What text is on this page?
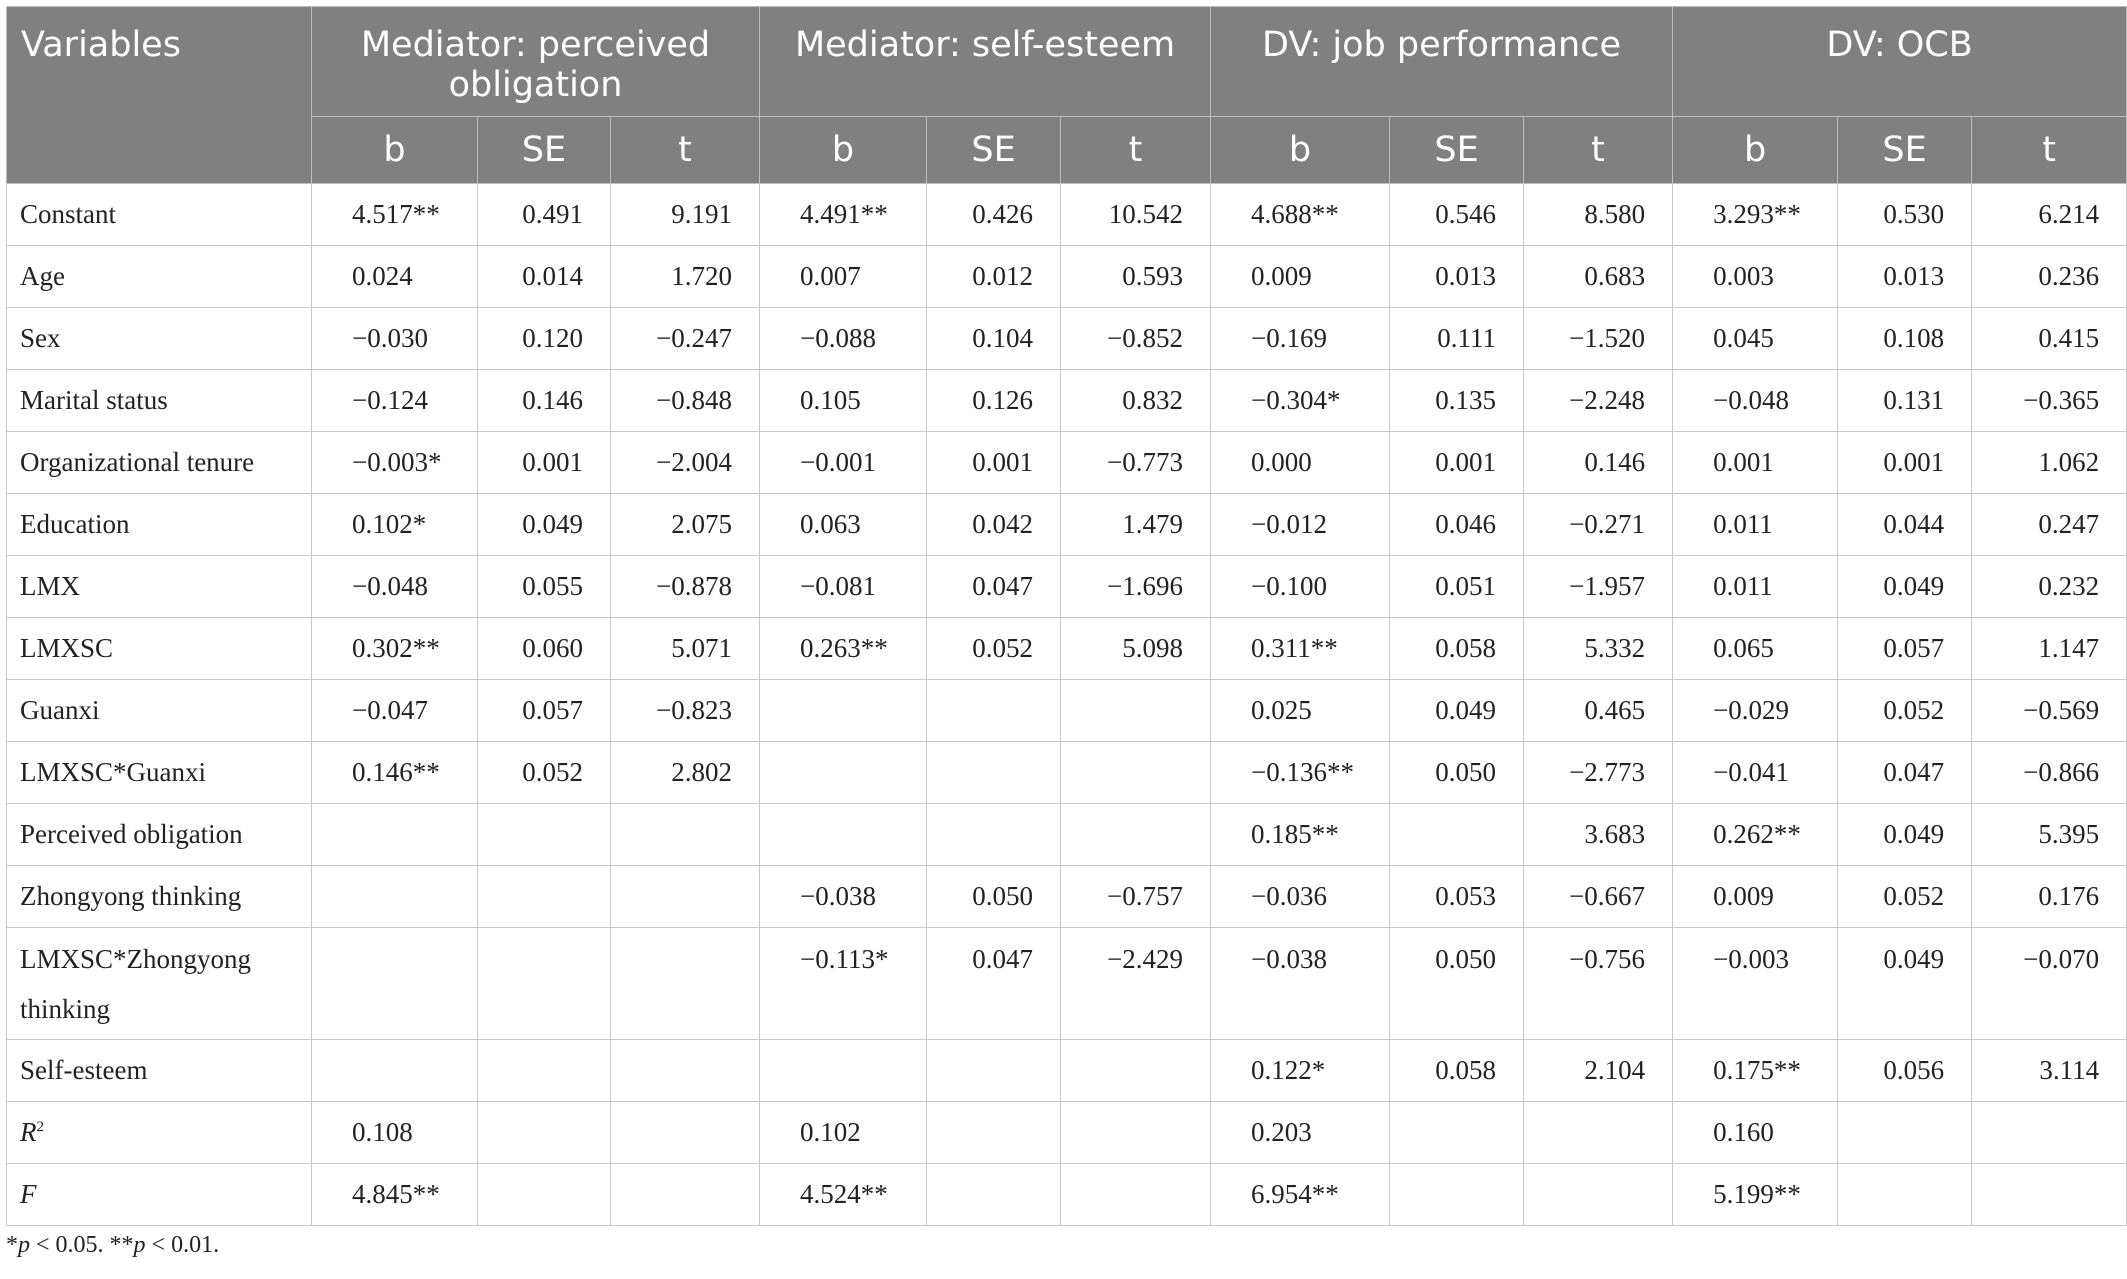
Variables	Mediator: perceived obligation			Mediator: self-esteem			DV: job performance			DV: OCB		
	b	SE	t	b	SE	t	b	SE	t	b	SE	t
Constant	4.517**	0.491	9.191	4.491**	0.426	10.542	4.688**	0.546	8.580	3.293**	0.530	6.214
Age	0.024	0.014	1.720	0.007	0.012	0.593	0.009	0.013	0.683	0.003	0.013	0.236
Sex	−0.030	0.120	−0.247	−0.088	0.104	−0.852	−0.169	0.111	−1.520	0.045	0.108	0.415
Marital status	−0.124	0.146	−0.848	0.105	0.126	0.832	−0.304*	0.135	−2.248	−0.048	0.131	−0.365
Organizational tenure	−0.003*	0.001	−2.004	−0.001	0.001	−0.773	0.000	0.001	0.146	0.001	0.001	1.062
Education	0.102*	0.049	2.075	0.063	0.042	1.479	−0.012	0.046	−0.271	0.011	0.044	0.247
LMX	−0.048	0.055	−0.878	−0.081	0.047	−1.696	−0.100	0.051	−1.957	0.011	0.049	0.232
LMXSC	0.302**	0.060	5.071	0.263**	0.052	5.098	0.311**	0.058	5.332	0.065	0.057	1.147
Guanxi	−0.047	0.057	−0.823				0.025	0.049	0.465	−0.029	0.052	−0.569
LMXSC*Guanxi	0.146**	0.052	2.802				−0.136**	0.050	−2.773	−0.041	0.047	−0.866
Perceived obligation							0.185**		3.683	0.262**	0.049	5.395
Zhongyong thinking				−0.038	0.050	−0.757	−0.036	0.053	−0.667	0.009	0.052	0.176
LMXSC*Zhongyong thinking				−0.113*	0.047	−2.429	−0.038	0.050	−0.756	−0.003	0.049	−0.070
Self-esteem							0.122*	0.058	2.104	0.175**	0.056	3.114
$R^2$	0.108			0.102			0.203			0.160		
F	4.845**			4.524**			6.954**			5.199**		
*p < 0.05. **p < 0.01.
